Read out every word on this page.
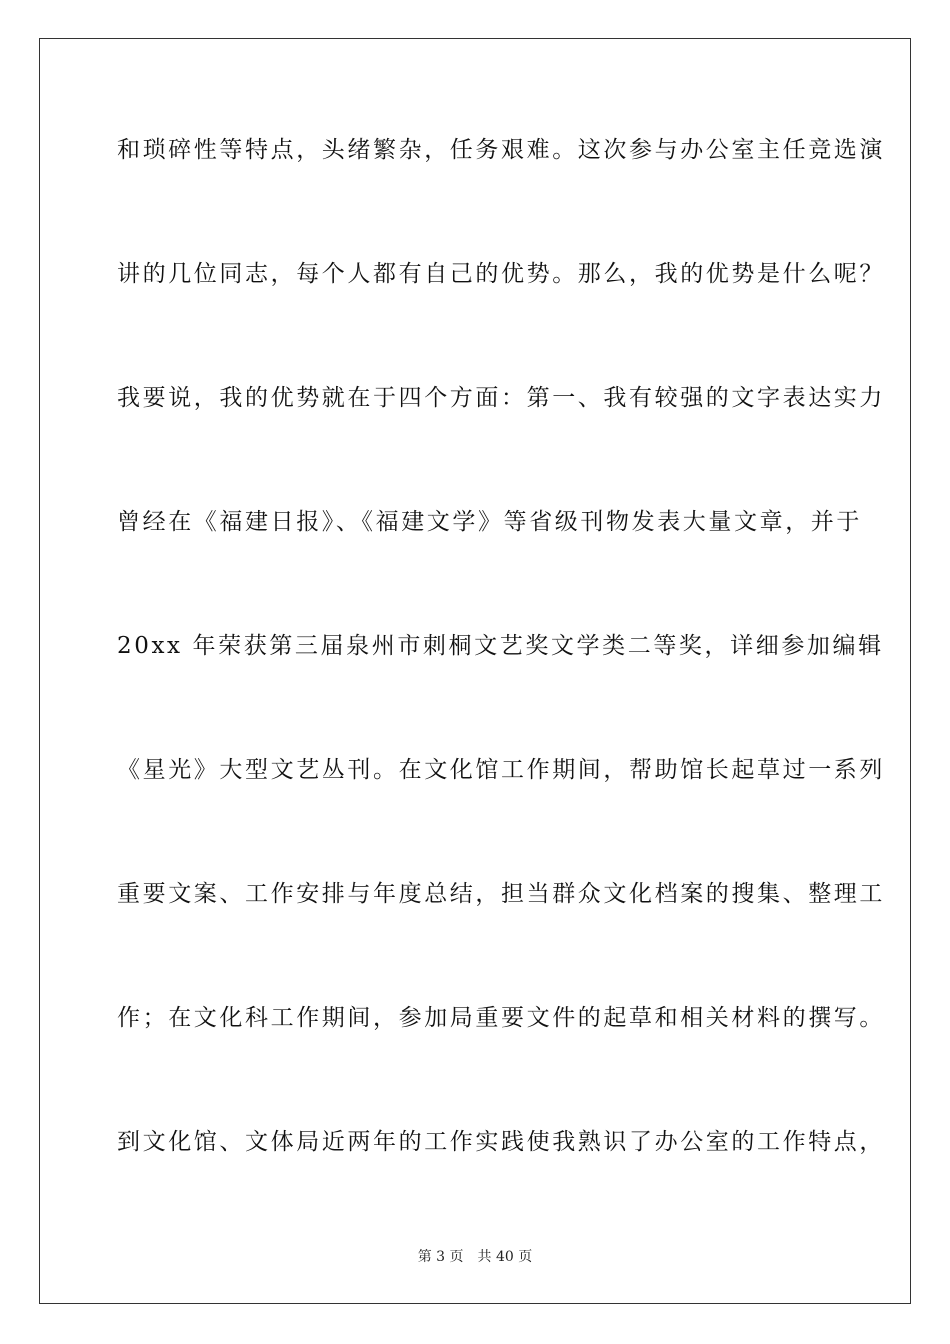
和琐碎性等特点，头绪繁杂，任务艰难。这次参与办公室主任竞选演
讲的几位同志，每个人都有自己的优势。那么，我的优势是什么呢？
我要说，我的优势就在于四个方面：第一、我有较强的文字表达实力
曾经在《福建日报》、《福建文学》等省级刊物发表大量文章，并于
20xx 年荣获第三届泉州市刺桐文艺奖文学类二等奖，详细参加编辑
《星光》大型文艺丛刊。在文化馆工作期间，帮助馆长起草过一系列
重要文案、工作安排与年度总结，担当群众文化档案的搜集、整理工
作；在文化科工作期间，参加局重要文件的起草和相关材料的撰写。
到文化馆、文体局近两年的工作实践使我熟识了办公室的工作特点，
第 3 页 共 40 页
